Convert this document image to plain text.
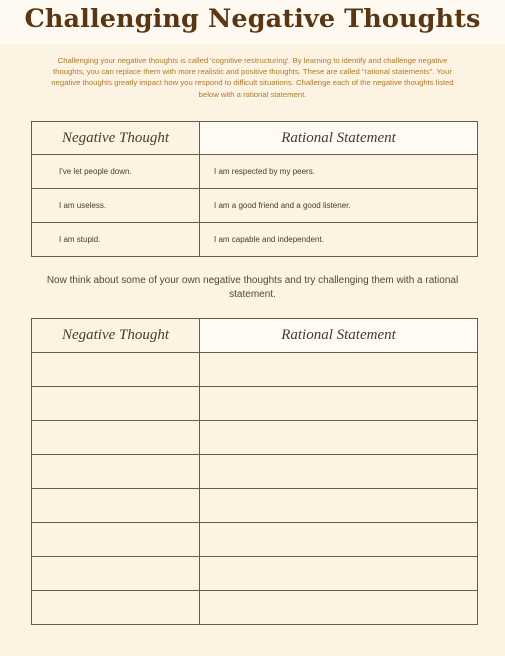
Challenging Negative Thoughts
Challenging your negative thoughts is called 'cognitive restructuring'. By learning to identify and challenge negative thoughts, you can replace them with more realistic and positive thoughts. These are called "rational statements". Your negative thoughts greatly impact how you respond to difficult situations. Challenge each of the negative thoughts listed below with a rational statement.
Negative Thought	Rational Statement
I've let people down.	I am respected by my peers.
I am useless.	I am a good friend and a good listener.
I am stupid.	I am capable and independent.
Now think about some of your own negative thoughts and try challenging them with a rational statement.
Negative Thought	Rational Statement
